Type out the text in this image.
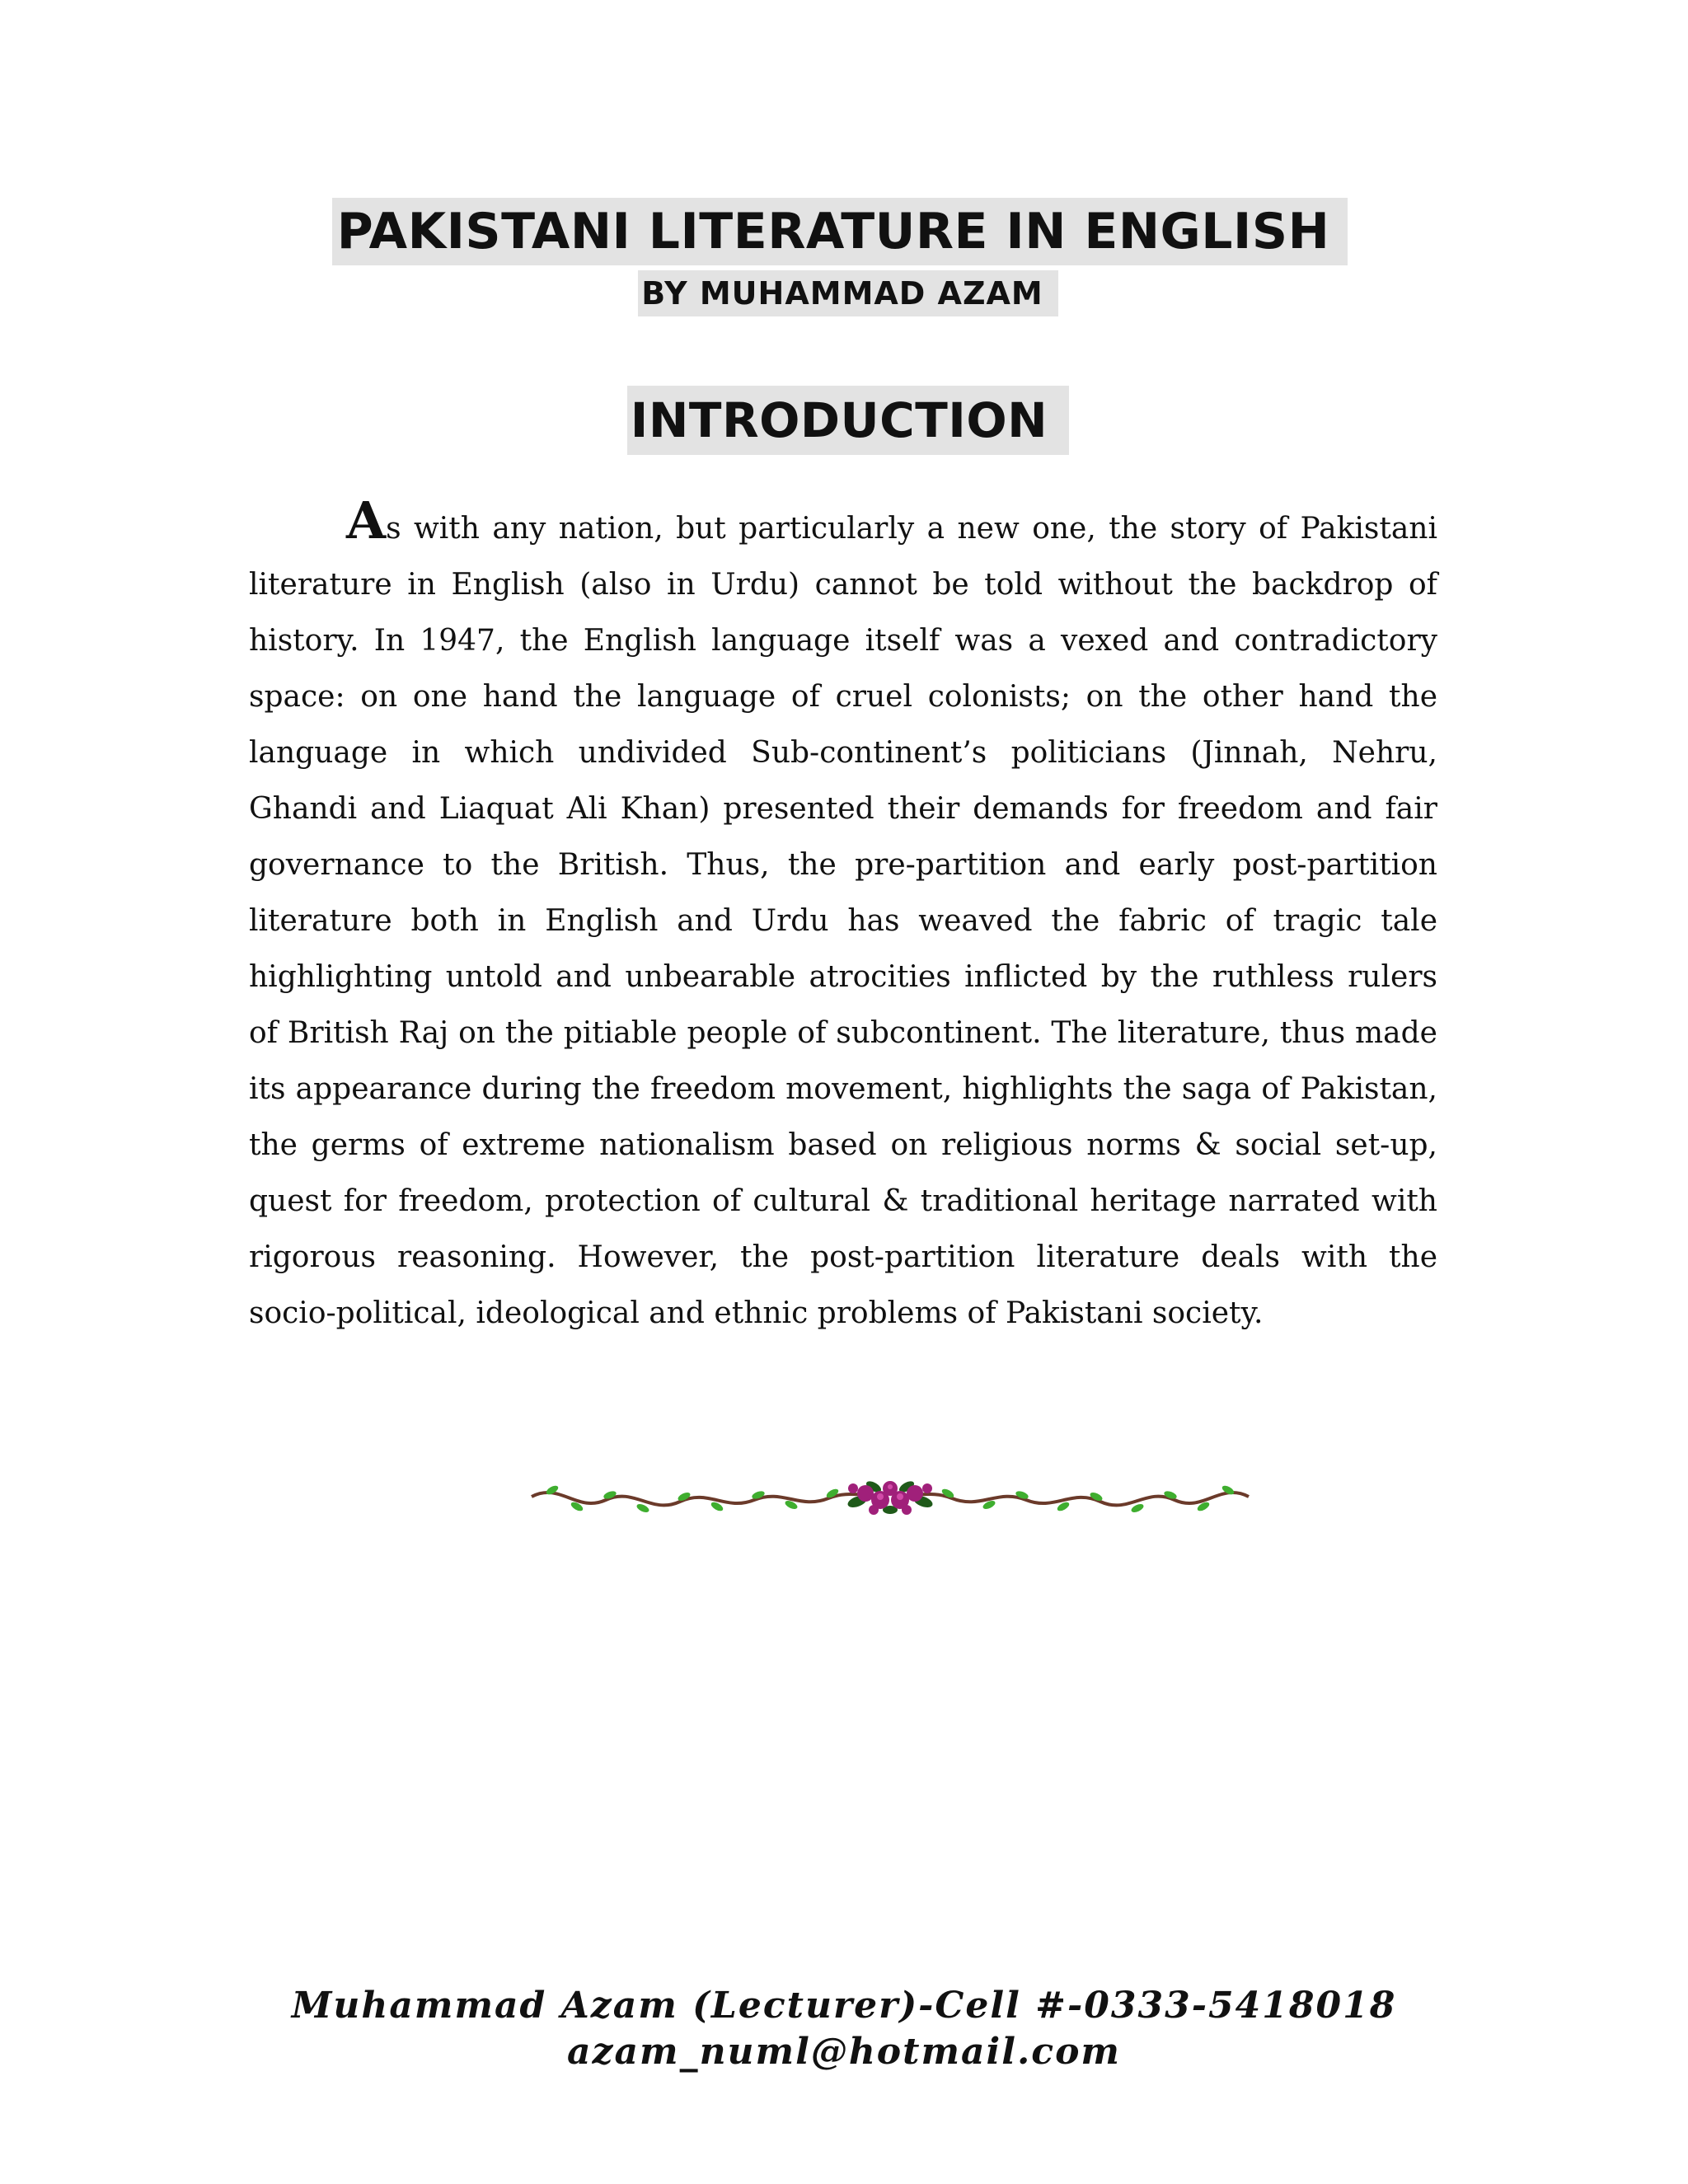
PAKISTANI LITERATURE IN ENGLISH
BY MUHAMMAD AZAM
INTRODUCTION

As with any nation, but particularly a new one, the story of Pakistani literature in English (also in Urdu) cannot be told without the backdrop of history. In 1947, the English language itself was a vexed and contradictory space: on one hand the language of cruel colonists; on the other hand the language in which undivided Sub-continent’s politicians (Jinnah, Nehru, Ghandi and Liaquat Ali Khan) presented their demands for freedom and fair governance to the British. Thus, the pre-partition and early post-partition literature both in English and Urdu has weaved the fabric of tragic tale highlighting untold and unbearable atrocities inflicted by the ruthless rulers of British Raj on the pitiable people of subcontinent. The literature, thus made its appearance during the freedom movement, highlights the saga of Pakistan, the germs of extreme nationalism based on religious norms & social set-up, quest for freedom, protection of cultural & traditional heritage narrated with rigorous reasoning. However, the post-partition literature deals with the socio-political, ideological and ethnic problems of Pakistani society.

Muhammad Azam (Lecturer)-Cell #-0333-5418018
azam_numl@hotmail.com
